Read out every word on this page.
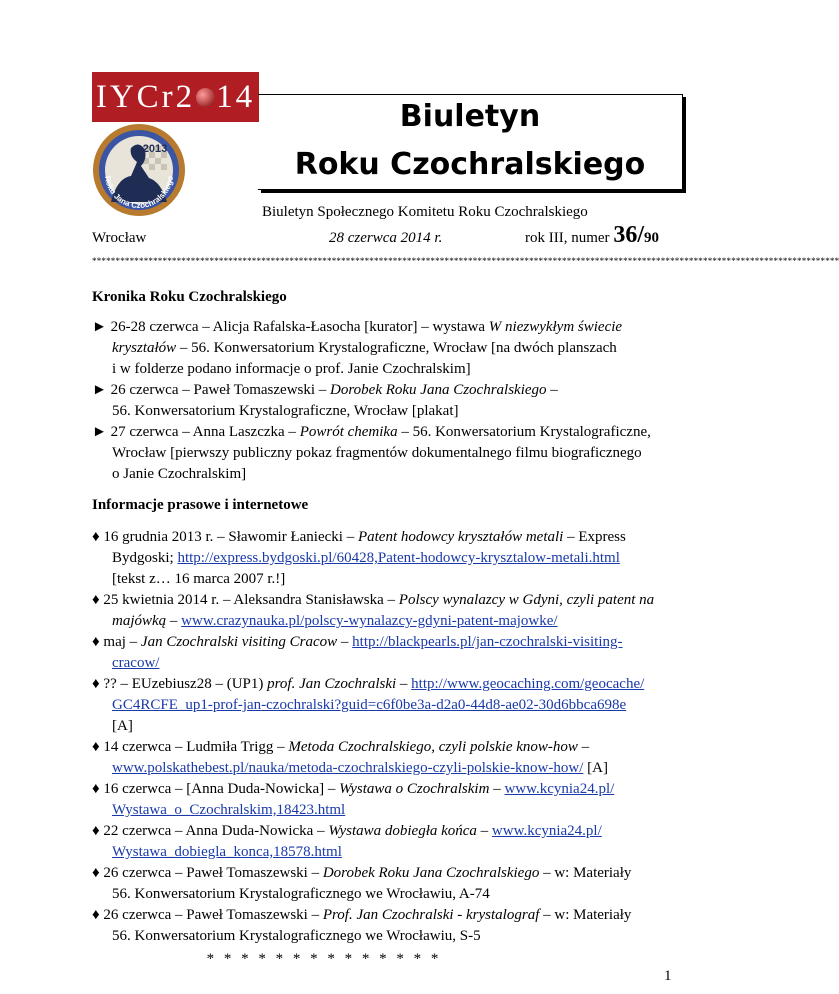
IYCr2 14
2013
Roku Jana Czochralskiego
Biuletyn
Roku Czochralskiego
Biuletyn Społecznego Komitetu Roku Czochralskiego
Wrocław	28 czerwca 2014 r.	rok III, numer 36/90
***************************************************************************************************************************************************************
Kronika Roku Czochralskiego
► 26-28 czerwca – Alicja Rafalska-Łasocha [kurator] – wystawa W niezwykłym świecie
kryształów – 56. Konwersatorium Krystalograficzne, Wrocław [na dwóch planszach
i w folderze podano informacje o prof. Janie Czochralskim]
► 26 czerwca – Paweł Tomaszewski – Dorobek Roku Jana Czochralskiego –
56. Konwersatorium Krystalograficzne, Wrocław [plakat]
► 27 czerwca – Anna Laszczka – Powrót chemika – 56. Konwersatorium Krystalograficzne,
Wrocław [pierwszy publiczny pokaz fragmentów dokumentalnego filmu biograficznego
o Janie Czochralskim]
Informacje prasowe i internetowe
♦ 16 grudnia 2013 r. – Sławomir Łaniecki – Patent hodowcy kryształów metali – Express
Bydgoski; http://express.bydgoski.pl/60428,Patent-hodowcy-krysztalow-metali.html
[tekst z… 16 marca 2007 r.!]
♦ 25 kwietnia 2014 r. – Aleksandra Stanisławska – Polscy wynalazcy w Gdyni, czyli patent na
majówką – www.crazynauka.pl/polscy-wynalazcy-gdyni-patent-majowke/
♦ maj – Jan Czochralski visiting Cracow – http://blackpearls.pl/jan-czochralski-visiting-
cracow/
♦ ?? – EUzebiusz28 – (UP1) prof. Jan Czochralski – http://www.geocaching.com/geocache/
GC4RCFE_up1-prof-jan-czochralski?guid=c6f0be3a-d2a0-44d8-ae02-30d6bbca698e
[A]
♦ 14 czerwca – Ludmiła Trigg – Metoda Czochralskiego, czyli polskie know-how –
www.polskathebest.pl/nauka/metoda-czochralskiego-czyli-polskie-know-how/ [A]
♦ 16 czerwca – [Anna Duda-Nowicka] – Wystawa o Czochralskim – www.kcynia24.pl/
Wystawa_o_Czochralskim,18423.html
♦ 22 czerwca – Anna Duda-Nowicka – Wystawa dobiegła końca – www.kcynia24.pl/
Wystawa_dobiegla_konca,18578.html
♦ 26 czerwca – Paweł Tomaszewski – Dorobek Roku Jana Czochralskiego – w: Materiały
56. Konwersatorium Krystalograficznego we Wrocławiu, A-74
♦ 26 czerwca – Paweł Tomaszewski – Prof. Jan Czochralski - krystalograf – w: Materiały
56. Konwersatorium Krystalograficznego we Wrocławiu, S-5
* * * * * * * * * * * * * *
1
